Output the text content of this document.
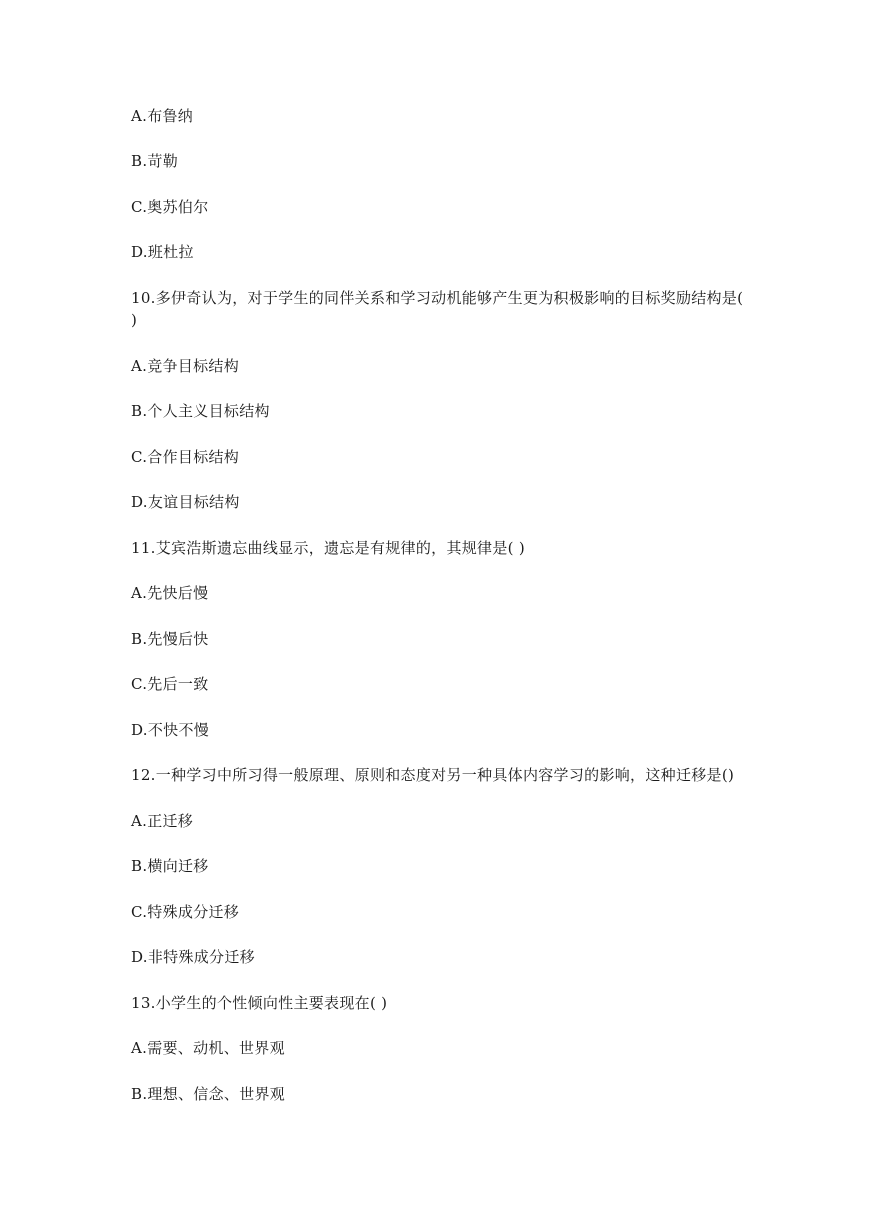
A.布鲁纳
B.苛勒
C.奥苏伯尔
D.班杜拉
10.多伊奇认为，对于学生的同伴关系和学习动机能够产生更为积极影响的目标奖励结构是( )
A.竞争目标结构
B.个人主义目标结构
C.合作目标结构
D.友谊目标结构
11.艾宾浩斯遗忘曲线显示，遗忘是有规律的，其规律是( )
A.先快后慢
B.先慢后快
C.先后一致
D.不快不慢
12.一种学习中所习得一般原理、原则和态度对另一种具体内容学习的影响，这种迁移是()
A.正迁移
B.横向迁移
C.特殊成分迁移
D.非特殊成分迁移
13.小学生的个性倾向性主要表现在( )
A.需要、动机、世界观
B.理想、信念、世界观
